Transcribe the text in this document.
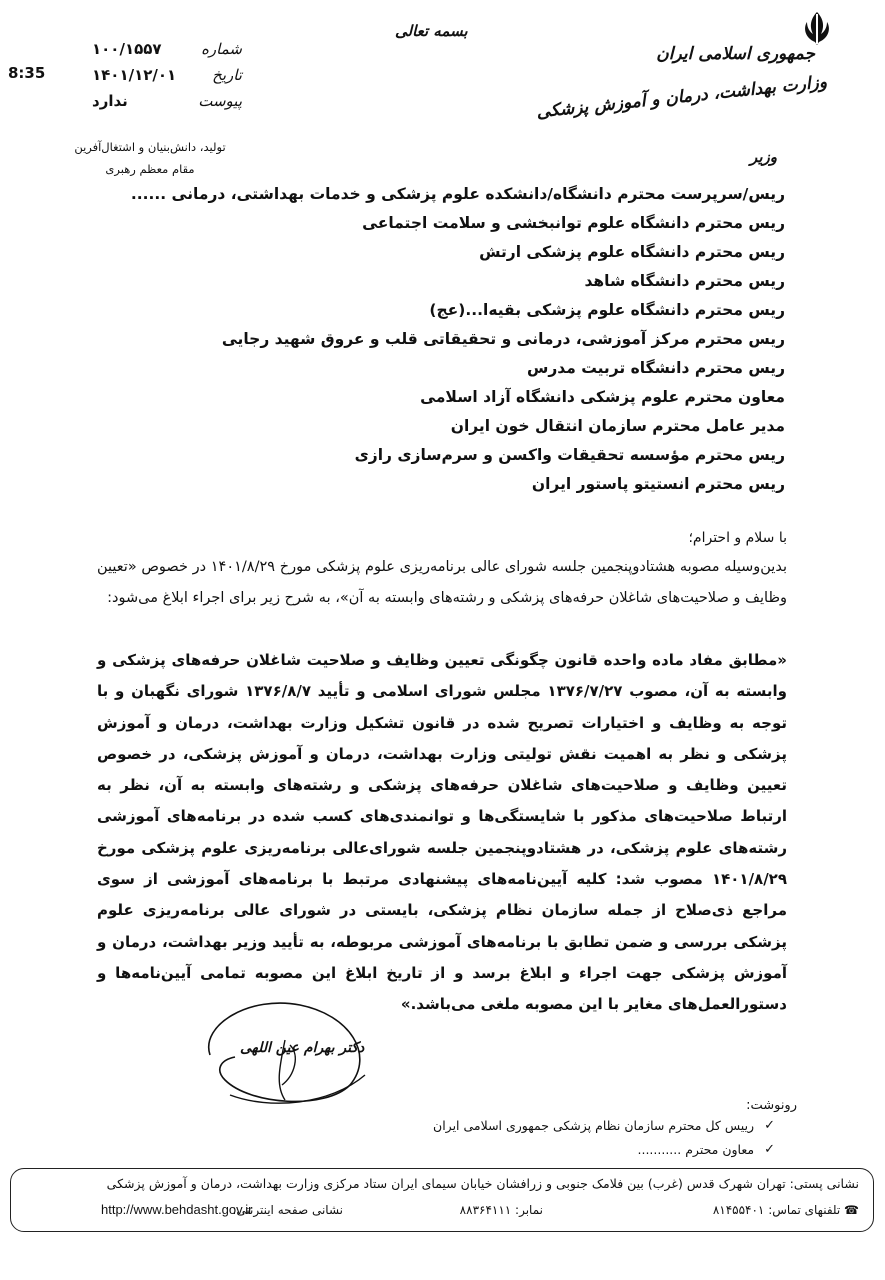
جمهوری اسلامی ایران
وزارت بهداشت، درمان و آموزش پزشکی
بسمه تعالی
8:35
شماره
۱۰۰/۱۵۵۷
تاریخ
۱۴۰۱/۱۲/۰۱
پیوست
ندارد
تولید، دانش‌بنیان و اشتغال‌آفرین
مقام معظم رهبری
وزیر
ریس/سرپرست محترم دانشگاه/دانشکده علوم پزشکی و خدمات بهداشتی، درمانی ......
ریس محترم دانشگاه علوم توانبخشی و سلامت اجتماعی
ریس محترم دانشگاه علوم پزشکی ارتش
ریس محترم دانشگاه شاهد
ریس محترم دانشگاه علوم پزشکی بقیه‌ا...(عج)
ریس محترم مرکز آموزشی، درمانی و تحقیقاتی قلب و عروق شهید رجایی
ریس محترم دانشگاه تربیت مدرس
معاون محترم علوم پزشکی دانشگاه آزاد اسلامی
مدیر عامل محترم سازمان انتقال خون ایران
ریس محترم مؤسسه تحقیقات واکسن و سرم‌سازی رازی
ریس محترم انستیتو پاستور ایران
با سلام و احترام؛
بدین‌وسیله مصوبه هشتادوپنجمین جلسه شورای عالی برنامه‌ریزی علوم پزشکی مورخ ۱۴۰۱/۸/۲۹ در خصوص «تعیین وظایف و صلاحیت‌های شاغلان حرفه‌های پزشکی و رشته‌های وابسته به آن»، به شرح زیر برای اجراء ابلاغ می‌شود:
«مطابق مفاد ماده واحده قانون چگونگی تعیین وظایف و صلاحیت شاغلان حرفه‌های پزشکی و وابسته به آن، مصوب ۱۳۷۶/۷/۲۷ مجلس شورای اسلامی و تأیید ۱۳۷۶/۸/۷ شورای نگهبان و با توجه به وظایف و اختیارات تصریح شده در قانون تشکیل وزارت بهداشت، درمان و آموزش پزشکی و نظر به اهمیت نقش تولیتی وزارت بهداشت، درمان و آموزش پزشکی، در خصوص تعیین وظایف و صلاحیت‌های شاغلان حرفه‌های پزشکی و رشته‌های وابسته به آن، نظر به ارتباط صلاحیت‌های مذکور با شایستگی‌ها و توانمندی‌های کسب شده در برنامه‌های آموزشی رشته‌های علوم پزشکی، در هشتادوپنجمین جلسه شورای‌عالی برنامه‌ریزی علوم پزشکی مورخ ۱۴۰۱/۸/۲۹ مصوب شد: کلیه آیین‌نامه‌های پیشنهادی مرتبط با برنامه‌های آموزشی از سوی مراجع ذی‌صلاح از جمله سازمان نظام پزشکی، بایستی در شورای عالی برنامه‌ریزی علوم پزشکی بررسی و ضمن تطابق با برنامه‌های آموزشی مربوطه، به تأیید وزیر بهداشت، درمان و آموزش پزشکی جهت اجراء و ابلاغ برسد و از تاریخ ابلاغ این مصوبه تمامی آیین‌نامه‌ها و دستورالعمل‌های مغایر با این مصوبه ملغی می‌باشد.»
دکتر بهرام عین اللهی
رونوشت:
✓
رییس کل محترم سازمان نظام پزشکی جمهوری اسلامی ایران
✓
معاون محترم ...........
نشانی پستی: تهران شهرک قدس (غرب) بین فلامک جنوبی و زرافشان خیابان سیمای ایران ستاد مرکزی وزارت بهداشت، درمان و آموزش پزشکی
☎ تلفنهای تماس: ۸۱۴۵۵۴۰۱
نمابر: ۸۸۳۶۴۱۱۱
نشانی صفحه اینترنتی:
http://www.behdasht.gov.ir
